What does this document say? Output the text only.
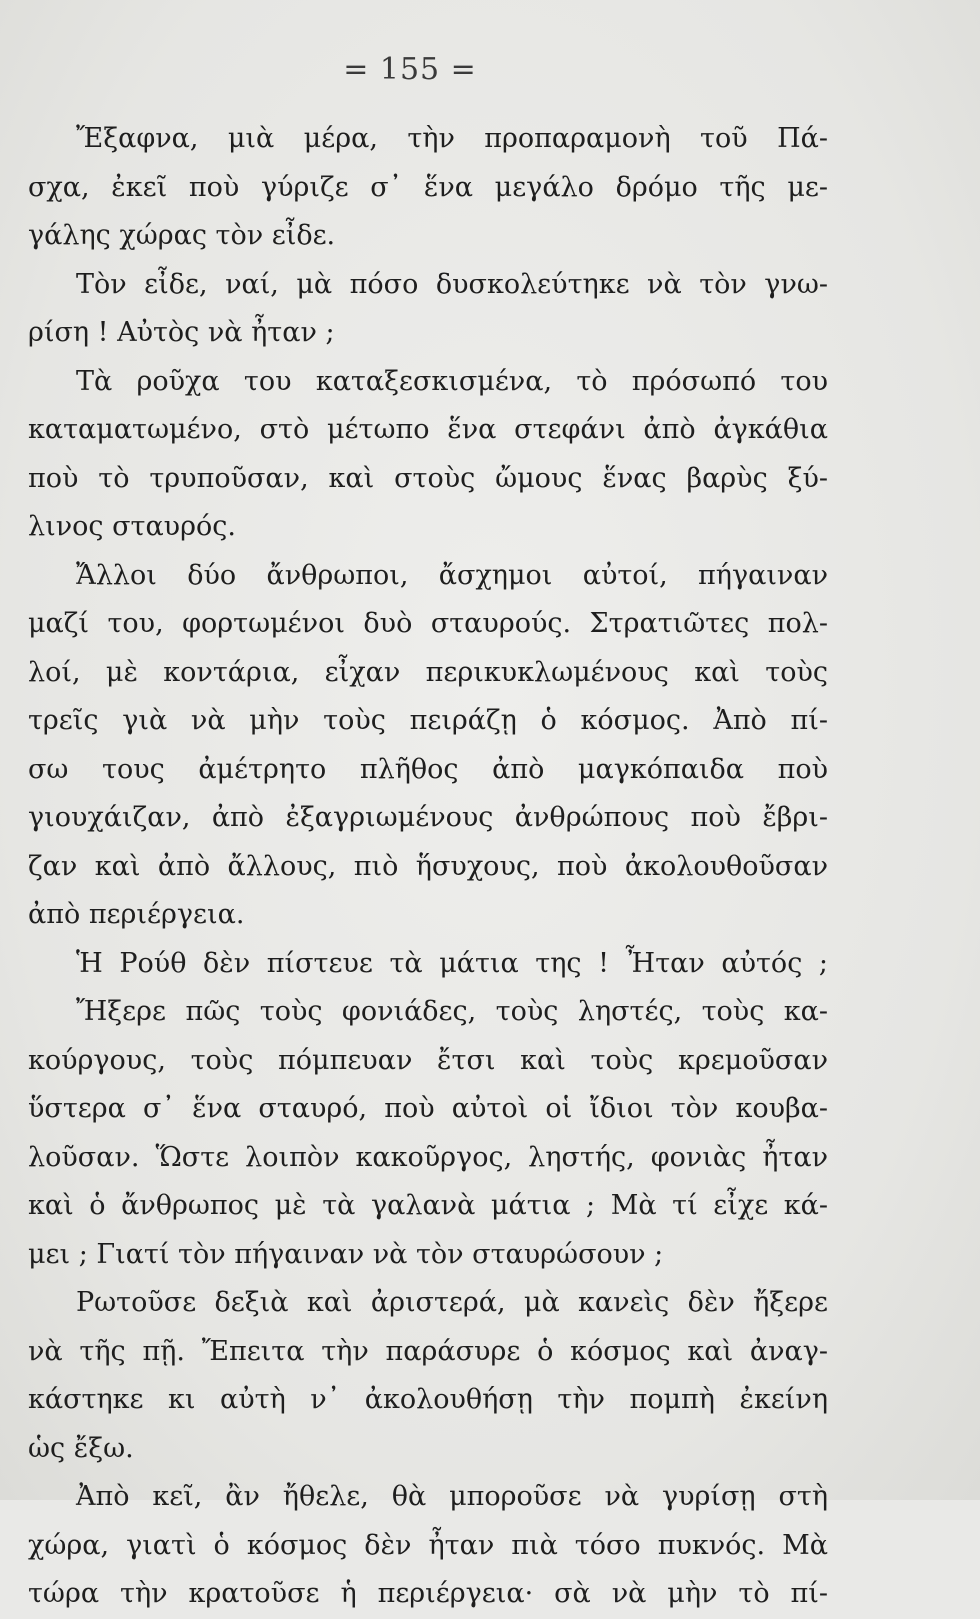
= 155 =
Ἔξαφνα, μιὰ μέρα, τὴν προπαραμονὴ τοῦ Πά-
σχα, ἐκεῖ ποὺ γύριζε σ᾽ ἕνα μεγάλο δρόμο τῆς με-
γάλης χώρας τὸν εἶδε.
Τὸν εἶδε, ναί, μὰ πόσο δυσκολεύτηκε νὰ τὸν γνω-
ρίση ! Αὐτὸς νὰ ἦταν ;
Τὰ ροῦχα του καταξεσκισμένα, τὸ πρόσωπό του
καταματωμένο, στὸ μέτωπο ἕνα στεφάνι ἀπὸ ἀγκάθια
ποὺ τὸ τρυποῦσαν, καὶ στοὺς ὤμους ἕνας βαρὺς ξύ-
λινος σταυρός.
Ἄλλοι δύο ἄνθρωποι, ἄσχημοι αὐτοί, πήγαιναν
μαζί του, φορτωμένοι δυὸ σταυρούς. Στρατιῶτες πολ-
λοί, μὲ κοντάρια, εἶχαν περικυκλωμένους καὶ τοὺς
τρεῖς γιὰ νὰ μὴν τοὺς πειράζῃ ὁ κόσμος. Ἀπὸ πί-
σω τους ἀμέτρητο πλῆθος ἀπὸ μαγκόπαιδα ποὺ
γιουχάιζαν, ἀπὸ ἐξαγριωμένους ἀνθρώπους ποὺ ἔβρι-
ζαν καὶ ἀπὸ ἄλλους, πιὸ ἥσυχους, ποὺ ἀκολουθοῦσαν
ἀπὸ περιέργεια.
Ἡ Ρούθ δὲν πίστευε τὰ μάτια της ! Ἦταν αὐτός ;
Ἤξερε πῶς τοὺς φονιάδες, τοὺς ληστές, τοὺς κα-
κούργους, τοὺς πόμπευαν ἔτσι καὶ τοὺς κρεμοῦσαν
ὕστερα σ᾽ ἕνα σταυρό, ποὺ αὐτοὶ οἱ ἴδιοι τὸν κουβα-
λοῦσαν. Ὥστε λοιπὸν κακοῦργος, ληστής, φονιὰς ἦταν
καὶ ὁ ἄνθρωπος μὲ τὰ γαλανὰ μάτια ; Μὰ τί εἶχε κά-
μει ; Γιατί τὸν πήγαιναν νὰ τὸν σταυρώσουν ;
Ρωτοῦσε δεξιὰ καὶ ἀριστερά, μὰ κανεὶς δὲν ἤξερε
νὰ τῆς πῇ. Ἔπειτα τὴν παράσυρε ὁ κόσμος καὶ ἀναγ-
κάστηκε κι αὐτὴ ν᾽ ἀκολουθήσῃ τὴν πομπὴ ἐκείνη
ὡς ἔξω.
Ἀπὸ κεῖ, ἂν ἤθελε, θὰ μποροῦσε νὰ γυρίσῃ στὴ
χώρα, γιατὶ ὁ κόσμος δὲν ἦταν πιὰ τόσο πυκνός. Μὰ
τώρα τὴν κρατοῦσε ἡ περιέργεια· σὰ νὰ μὴν τὸ πί-
